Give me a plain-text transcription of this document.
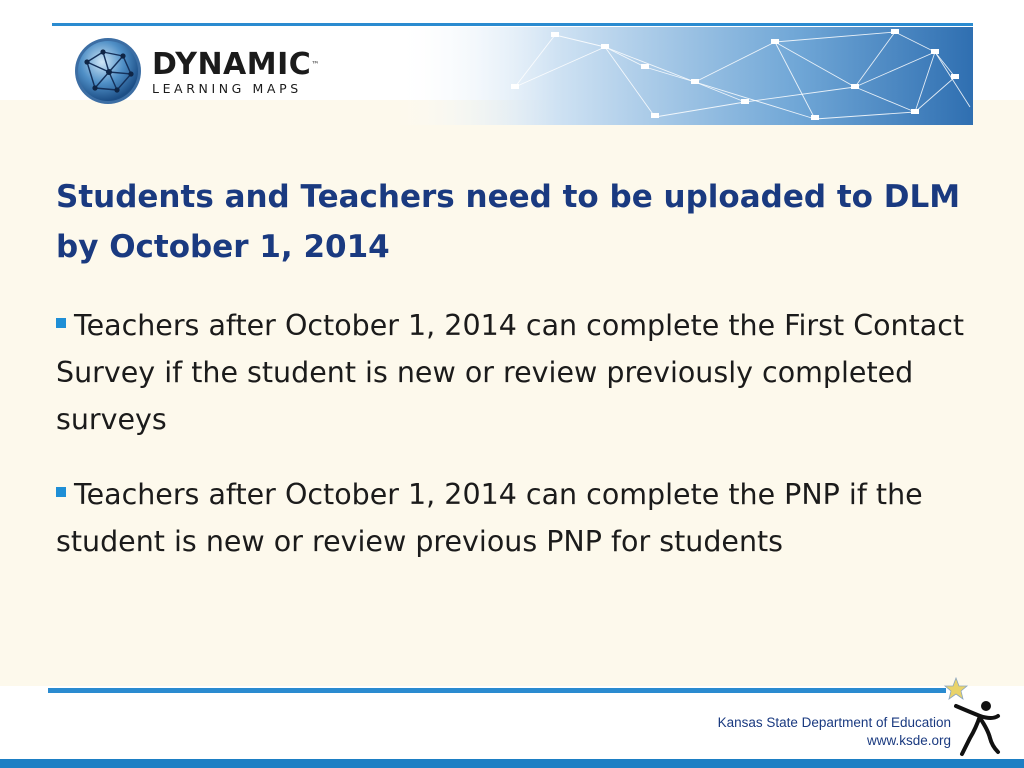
DYNAMIC™
LEARNING MAPS
Students and Teachers need to be uploaded to DLM by October 1, 2014
Teachers after October 1, 2014 can complete the First Contact Survey if the student is new or review previously completed surveys
Teachers after October 1, 2014 can complete the PNP if the student is new or review previous PNP for students
Kansas State Department of Education
www.ksde.org
